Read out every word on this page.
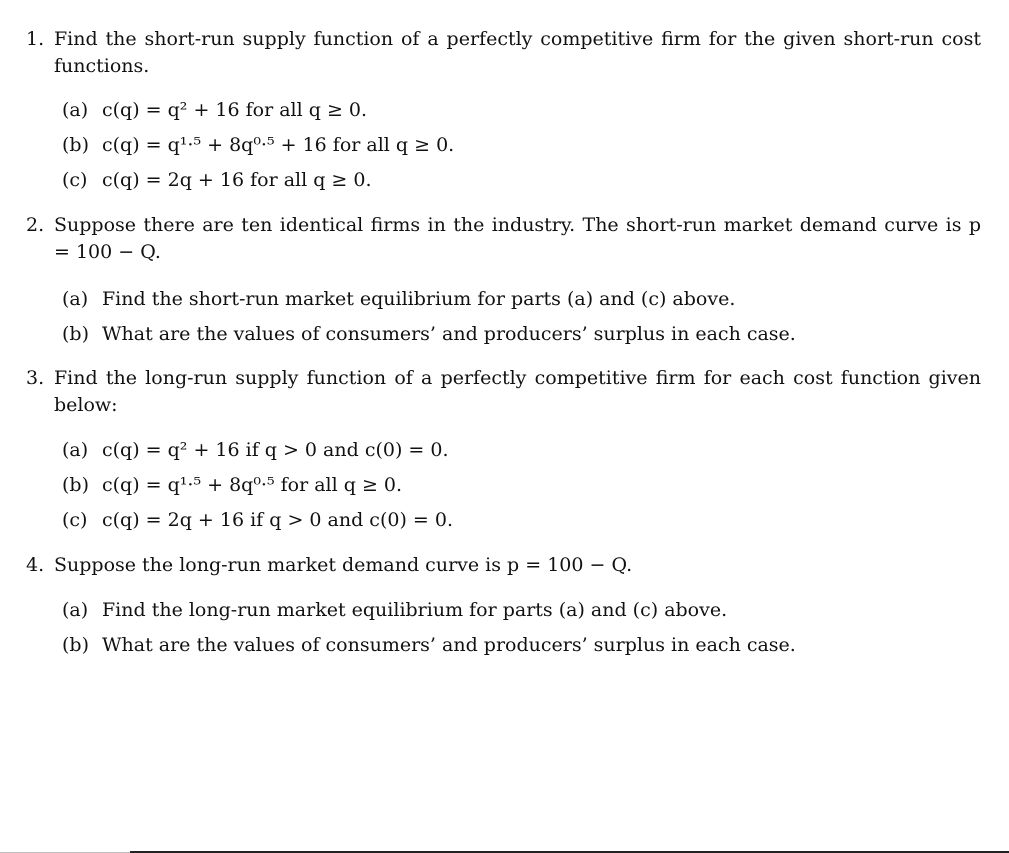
1. Find the short-run supply function of a perfectly competitive firm for the given short-run cost functions.
(a) c(q) = q² + 16 for all q ≥ 0.
(b) c(q) = q¹·⁵ + 8q⁰·⁵ + 16 for all q ≥ 0.
(c) c(q) = 2q + 16 for all q ≥ 0.
2. Suppose there are ten identical firms in the industry. The short-run market demand curve is p = 100 − Q.
(a) Find the short-run market equilibrium for parts (a) and (c) above.
(b) What are the values of consumers’ and producers’ surplus in each case.
3. Find the long-run supply function of a perfectly competitive firm for each cost function given below:
(a) c(q) = q² + 16 if q > 0 and c(0) = 0.
(b) c(q) = q¹·⁵ + 8q⁰·⁵ for all q ≥ 0.
(c) c(q) = 2q + 16 if q > 0 and c(0) = 0.
4. Suppose the long-run market demand curve is p = 100 − Q.
(a) Find the long-run market equilibrium for parts (a) and (c) above.
(b) What are the values of consumers’ and producers’ surplus in each case.
